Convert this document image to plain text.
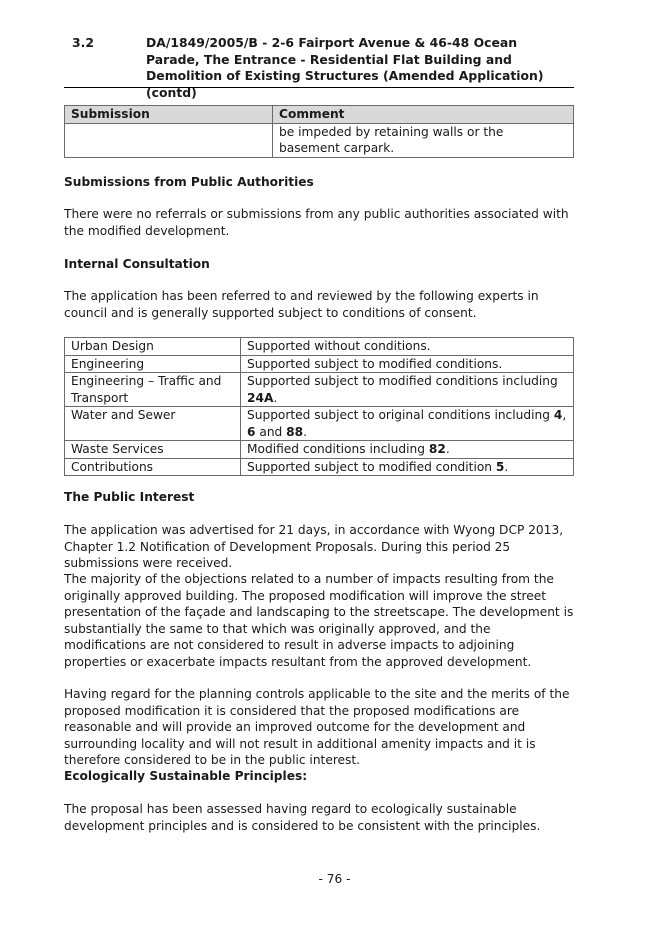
3.2	DA/1849/2005/B - 2-6 Fairport Avenue & 46-48 Ocean Parade, The Entrance - Residential Flat Building and Demolition of Existing Structures (Amended Application) (contd)
Submission	Comment
	be impeded by retaining walls or the basement carpark.

Submissions from Public Authorities

There were no referrals or submissions from any public authorities associated with the modified development.

Internal Consultation

The application has been referred to and reviewed by the following experts in council and is generally supported subject to conditions of consent.

Urban Design	Supported without conditions.
Engineering	Supported subject to modified conditions.
Engineering – Traffic and Transport	Supported subject to modified conditions including 24A.
Water and Sewer	Supported subject to original conditions including 4, 6 and 88.
Waste Services	Modified conditions including 82.
Contributions	Supported subject to modified condition 5.

The Public Interest

The application was advertised for 21 days, in accordance with Wyong DCP 2013, Chapter 1.2 Notification of Development Proposals. During this period 25 submissions were received.

The majority of the objections related to a number of impacts resulting from the originally approved building. The proposed modification will improve the street presentation of the façade and landscaping to the streetscape. The development is substantially the same to that which was originally approved, and the modifications are not considered to result in adverse impacts to adjoining properties or exacerbate impacts resultant from the approved development.

Having regard for the planning controls applicable to the site and the merits of the proposed modification it is considered that the proposed modifications are reasonable and will provide an improved outcome for the development and surrounding locality and will not result in additional amenity impacts and it is therefore considered to be in the public interest.

Ecologically Sustainable Principles:

The proposal has been assessed having regard to ecologically sustainable development principles and is considered to be consistent with the principles.

- 76 -
